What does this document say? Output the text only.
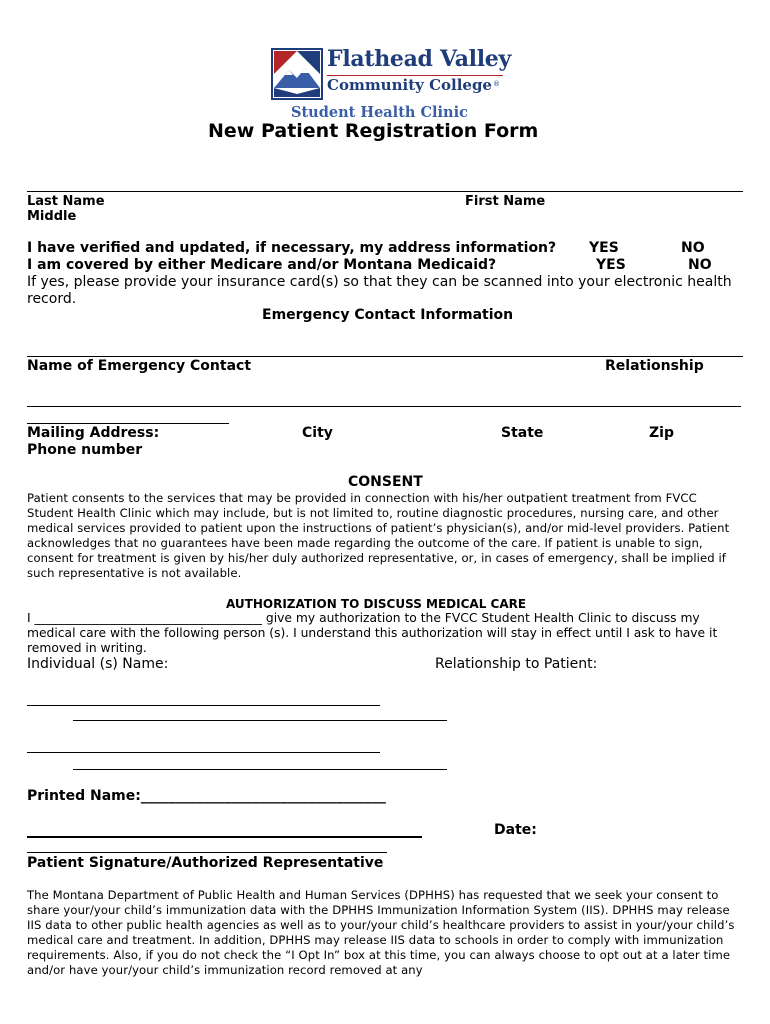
Flathead Valley
Community College ®
Student Health Clinic
New Patient Registration Form
Last Name	First Name
Middle
I have verified and updated, if necessary, my address information? YES	NO
I am covered by either Medicare and/or Montana Medicaid?	YES	NO
If yes, please provide your insurance card(s) so that they can be scanned into your electronic health
record.
Emergency Contact Information
Name of Emergency Contact	Relationship
Mailing Address:	City	State	Zip
Phone number
CONSENT
Patient consents to the services that may be provided in connection with his/her outpatient treatment from FVCC Student Health Clinic which may include, but is not limited to, routine diagnostic procedures, nursing care, and other medical services provided to patient upon the instructions of patient’s physician(s), and/or mid-level providers. Patient acknowledges that no guarantees have been made regarding the outcome of the care. If patient is unable to sign, consent for treatment is given by his/her duly authorized representative, or, in cases of emergency, shall be implied if such representative is not available.
AUTHORIZATION TO DISCUSS MEDICAL CARE
I _____________________________________ give my authorization to the FVCC Student Health Clinic to discuss my
medical care with the following person (s). I understand this authorization will stay in effect until I ask to have it
removed in writing.
Individual (s) Name:	Relationship to Patient:
Printed Name:___________________________________
Date:
Patient Signature/Authorized Representative
The Montana Department of Public Health and Human Services (DPHHS) has requested that we seek your consent to share your/your child’s immunization data with the DPHHS Immunization Information System (IIS). DPHHS may release IIS data to other public health agencies as well as to your/your child’s healthcare providers to assist in your/your child’s medical care and treatment. In addition, DPHHS may release IIS data to schools in order to comply with immunization requirements. Also, if you do not check the “I Opt In” box at this time, you can always choose to opt out at a later time and/or have your/your child’s immunization record removed at any
